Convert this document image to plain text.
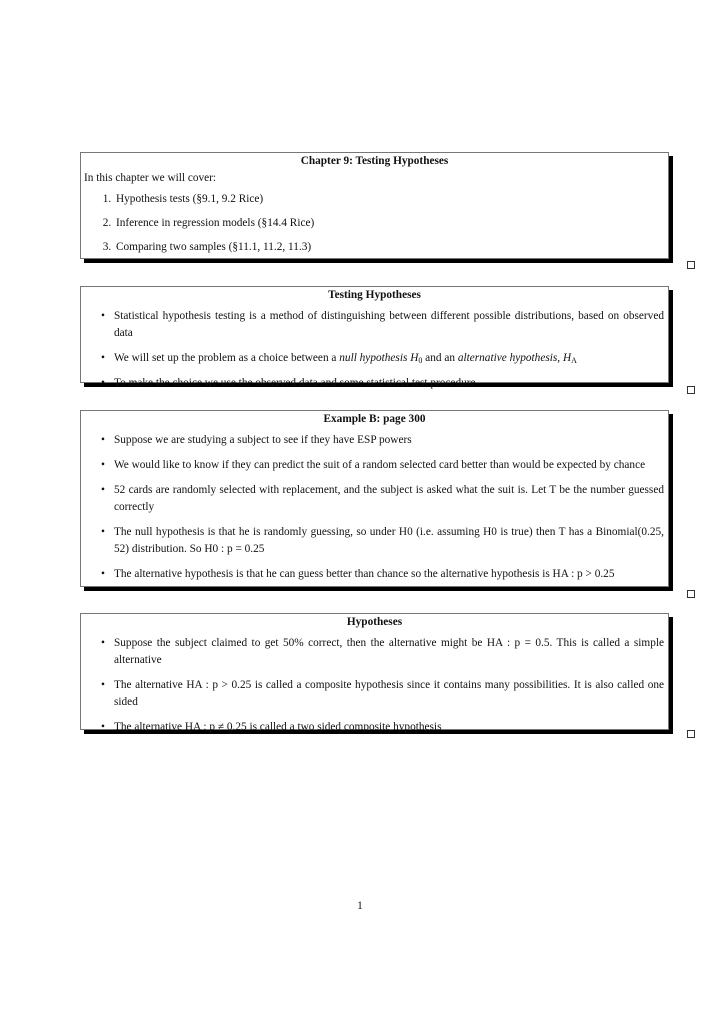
Chapter 9: Testing Hypotheses
In this chapter we will cover:
1. Hypothesis tests (§9.1, 9.2 Rice)
2. Inference in regression models (§14.4 Rice)
3. Comparing two samples (§11.1, 11.2, 11.3)
Testing Hypotheses
• Statistical hypothesis testing is a method of distinguishing between different possible distributions, based on observed data
• We will set up the problem as a choice between a null hypothesis $H_0$ and an alternative hypothesis, $H_A$
• To make the choice we use the observed data and some statistical test procedure
Example B: page 300
• Suppose we are studying a subject to see if they have ESP powers
• We would like to know if they can predict the suit of a random selected card better than would be expected by chance
• 52 cards are randomly selected with replacement, and the subject is asked what the suit is. Let T be the number guessed correctly
• The null hypothesis is that he is randomly guessing, so under H0 (i.e. assuming H0 is true) then T has a Binomial(0.25, 52) distribution. So H0 : p = 0.25
• The alternative hypothesis is that he can guess better than chance so the alternative hypothesis is HA : p > 0.25
Hypotheses
• Suppose the subject claimed to get 50% correct, then the alternative might be HA : p = 0.5. This is called a simple alternative
• The alternative HA : p > 0.25 is called a composite hypothesis since it contains many possibilities. It is also called one sided
• The alternative HA : p ≠ 0.25 is called a two sided composite hypothesis
1
